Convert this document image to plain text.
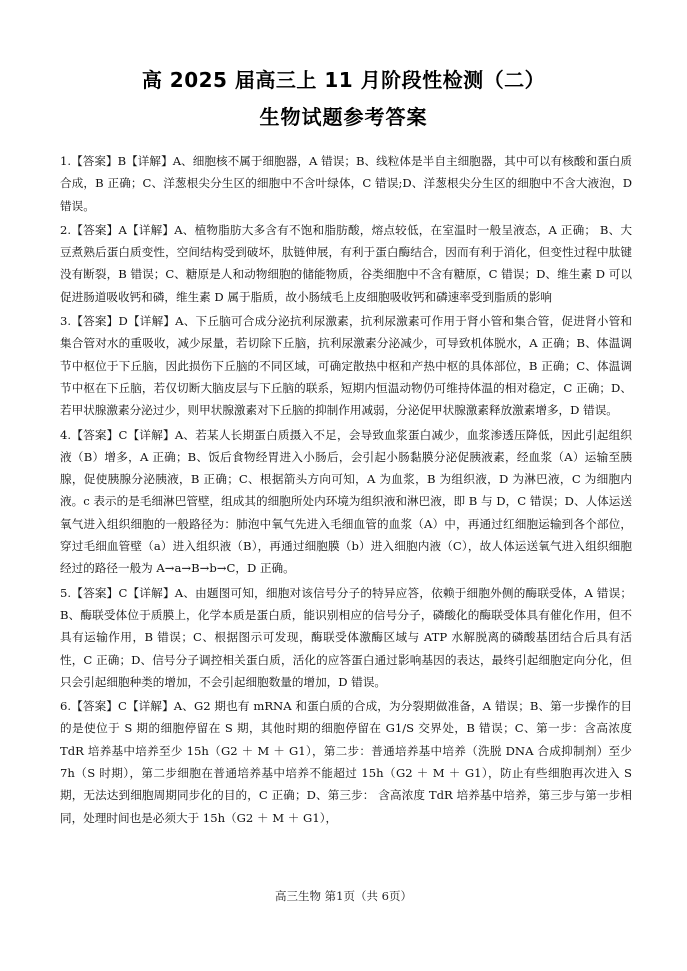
高 2025 届高三上 11 月阶段性检测（二）
生物试题参考答案

1.【答案】B【详解】A、细胞核不属于细胞器，A 错误；B、线粒体是半自主细胞器，其中可以有核酸和蛋白质合成，B 正确；C、洋葱根尖分生区的细胞中不含叶绿体，C 错误;D、洋葱根尖分生区的细胞中不含大液泡，D 错误。

2.【答案】A【详解】A、植物脂肪大多含有不饱和脂肪酸，熔点较低，在室温时一般呈液态，A 正确； B、大豆煮熟后蛋白质变性，空间结构受到破坏，肽链伸展，有利于蛋白酶结合，因而有利于消化，但变性过程中肽键没有断裂，B 错误；C、糖原是人和动物细胞的储能物质，谷类细胞中不含有糖原，C 错误；D、维生素 D 可以促进肠道吸收钙和磷，维生素 D 属于脂质，故小肠绒毛上皮细胞吸收钙和磷速率受到脂质的影响

3.【答案】D【详解】A、下丘脑可合成分泌抗利尿激素，抗利尿激素可作用于肾小管和集合管，促进肾小管和集合管对水的重吸收，减少尿量，若切除下丘脑，抗利尿激素分泌减少，可导致机体脱水，A 正确；B、体温调节中枢位于下丘脑，因此损伤下丘脑的不同区域，可确定散热中枢和产热中枢的具体部位，B 正确；C、体温调节中枢在下丘脑，若仅切断大脑皮层与下丘脑的联系，短期内恒温动物仍可维持体温的相对稳定，C 正确；D、若甲状腺激素分泌过少，则甲状腺激素对下丘脑的抑制作用减弱，分泌促甲状腺激素释放激素增多，D 错误。

4.【答案】C【详解】A、若某人长期蛋白质摄入不足，会导致血浆蛋白减少，血浆渗透压降低，因此引起组织液（B）增多，A 正确；B、饭后食物经胃进入小肠后，会引起小肠黏膜分泌促胰液素，经血浆（A）运输至胰腺，促使胰腺分泌胰液，B 正确；C、根据箭头方向可知，A 为血浆，B 为组织液，D 为淋巴液，C 为细胞内液。c 表示的是毛细淋巴管壁，组成其的细胞所处内环境为组织液和淋巴液，即 B 与 D，C 错误；D、人体运送氧气进入组织细胞的一般路径为：肺泡中氧气先进入毛细血管的血浆（A）中，再通过红细胞运输到各个部位，穿过毛细血管壁（a）进入组织液（B），再通过细胞膜（b）进入细胞内液（C），故人体运送氧气进入组织细胞经过的路径一般为 A→a→B→b→C，D 正确。

5.【答案】C【详解】A、由题图可知，细胞对该信号分子的特异应答，依赖于细胞外侧的酶联受体，A 错误；B、酶联受体位于质膜上，化学本质是蛋白质，能识别相应的信号分子，磷酸化的酶联受体具有催化作用，但不具有运输作用，B 错误；C、根据图示可发现，酶联受体激酶区域与 ATP 水解脱离的磷酸基团结合后具有活性，C 正确；D、信号分子调控相关蛋白质，活化的应答蛋白通过影响基因的表达，最终引起细胞定向分化，但只会引起细胞种类的增加，不会引起细胞数量的增加，D 错误。

6.【答案】C【详解】A、G2 期也有 mRNA 和蛋白质的合成，为分裂期做准备，A 错误；B、第一步操作的目的是使位于 S 期的细胞停留在 S 期，其他时期的细胞停留在 G1/S 交界处，B 错误；C、第一步：含高浓度 TdR 培养基中培养至少 15h（G2 ＋ M ＋ G1），第二步：普通培养基中培养（洗脱 DNA 合成抑制剂）至少 7h（S 时期），第二步细胞在普通培养基中培养不能超过 15h（G2 ＋ M ＋ G1），防止有些细胞再次进入 S 期，无法达到细胞周期同步化的目的，C 正确；D、第三步： 含高浓度 TdR 培养基中培养，第三步与第一步相同，处理时间也是必须大于 15h（G2 ＋ M ＋ G1），

高三生物 第1页（共 6页）
